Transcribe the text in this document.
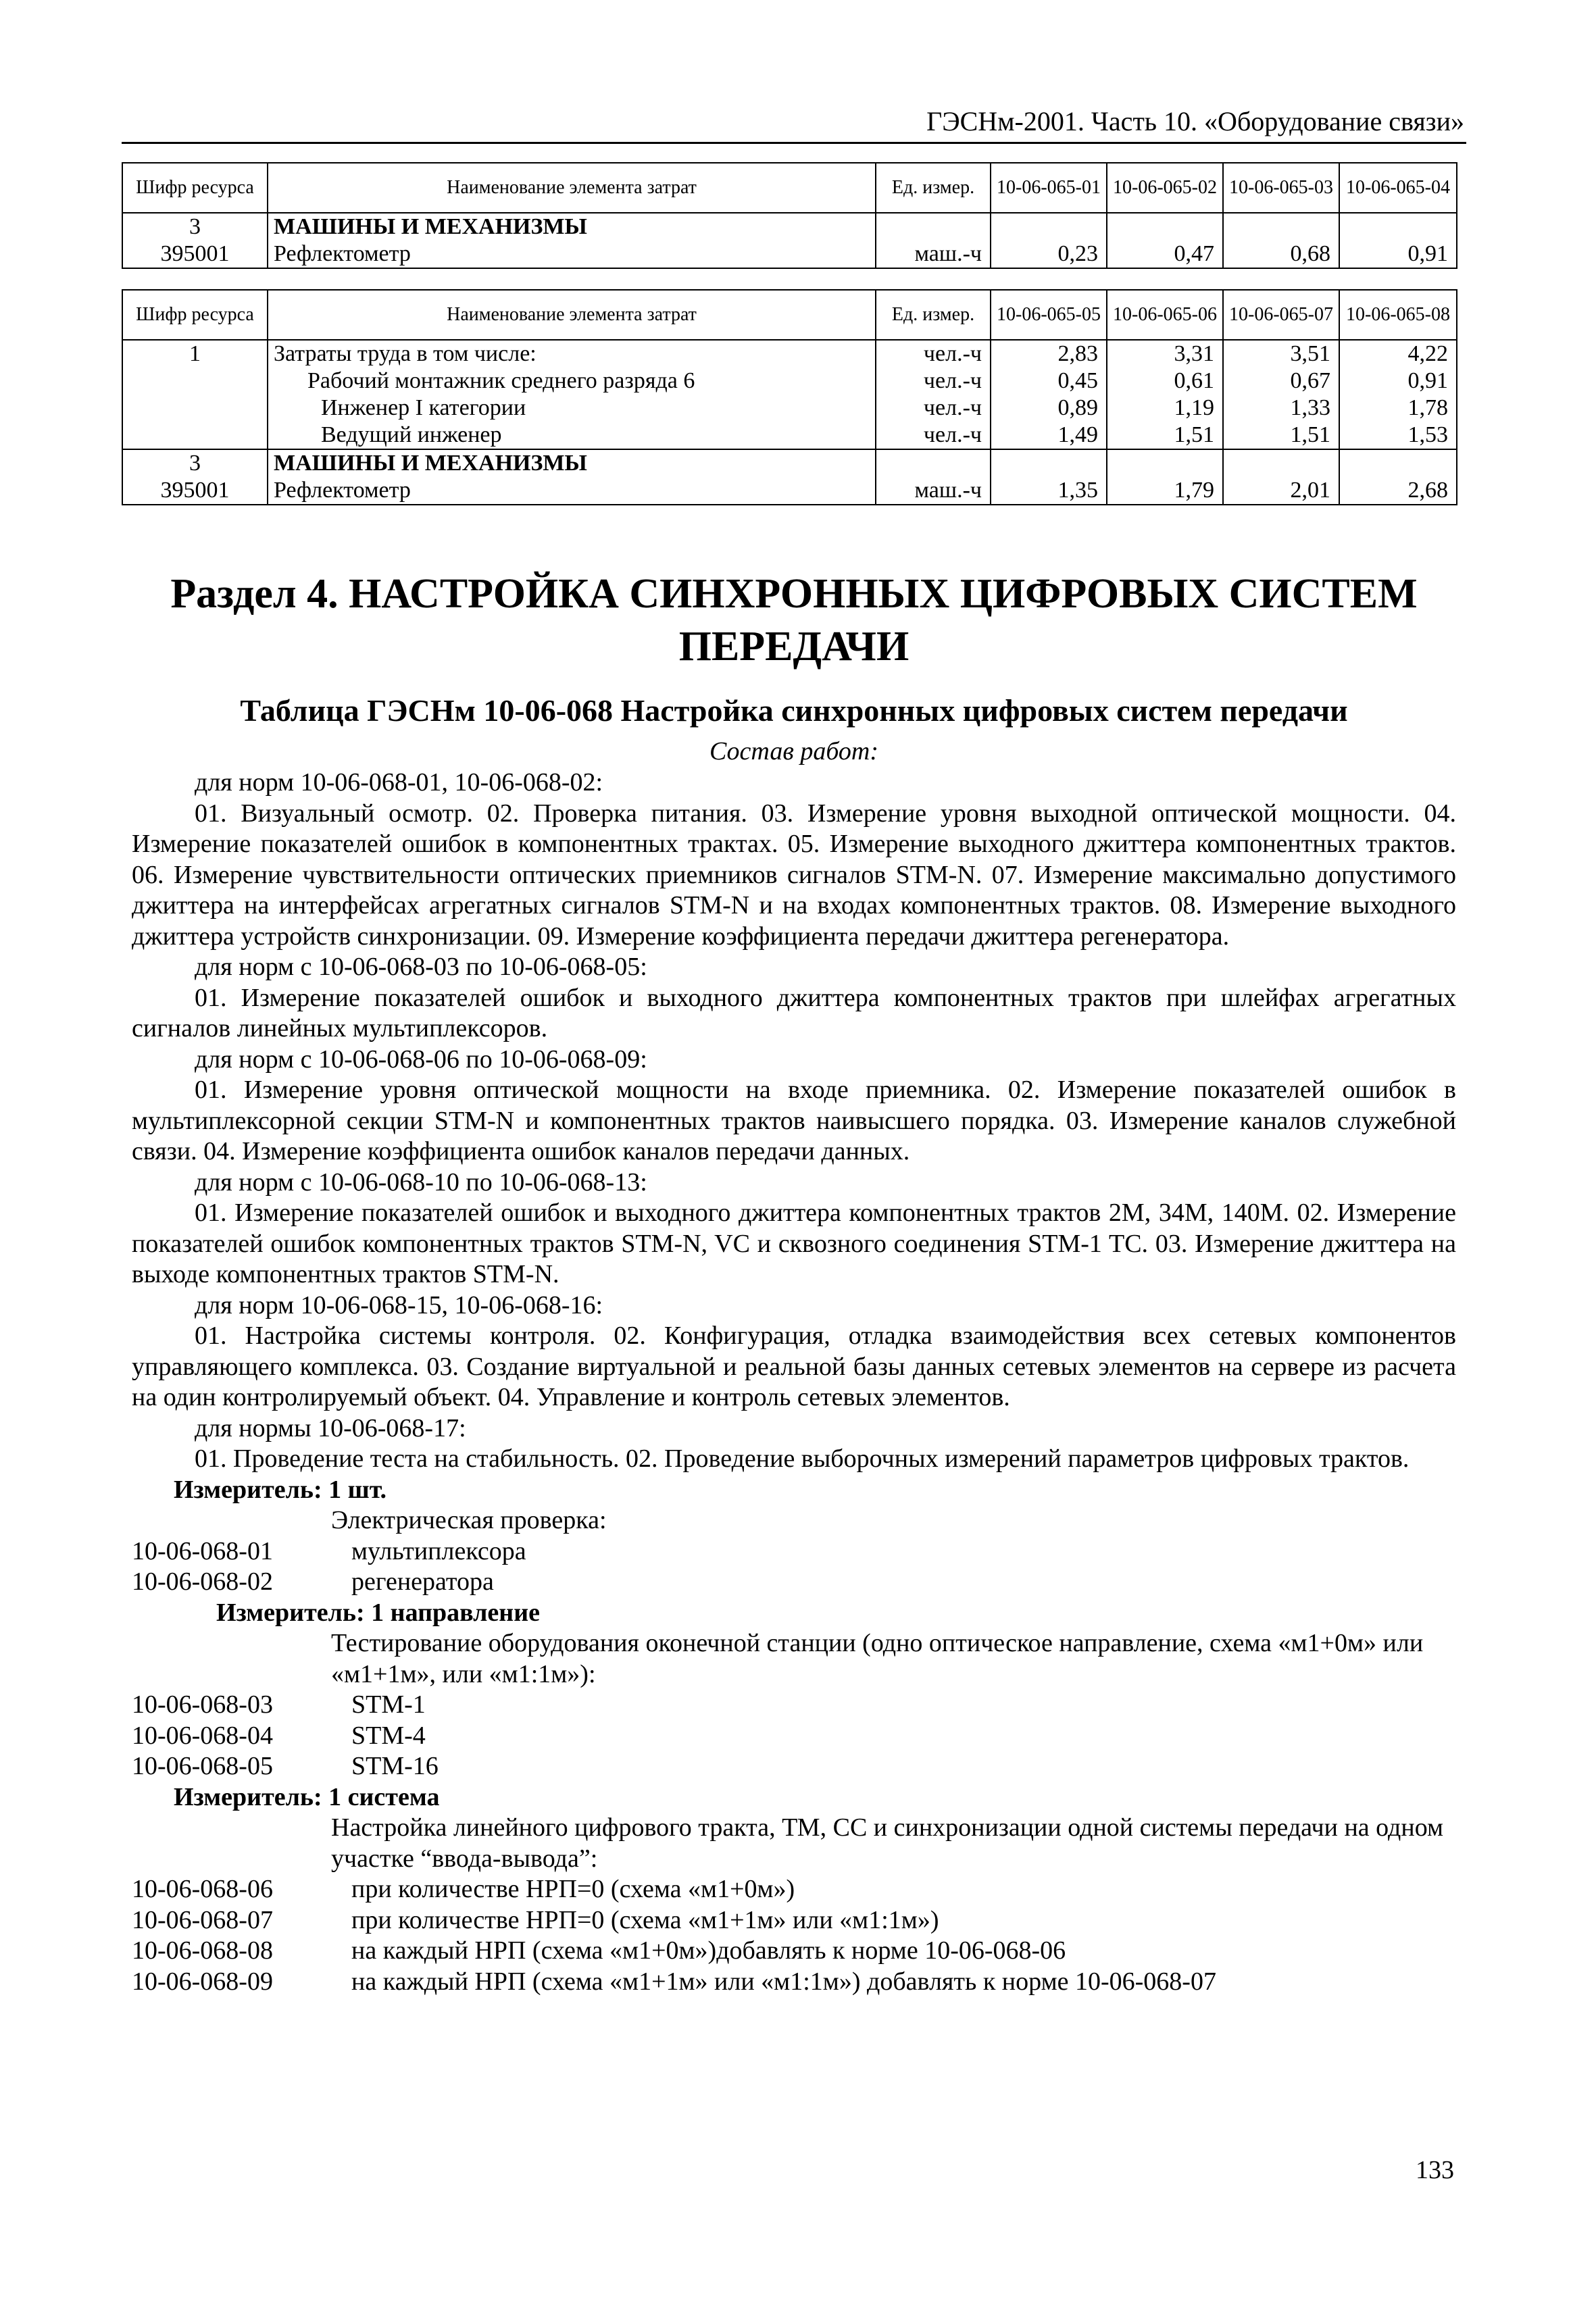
ГЭСНм-2001. Часть 10. «Оборудование связи»
Шифр ресурса	Наименование элемента затрат	Ед. измер.	10-06-065-01	10-06-065-02	10-06-065-03	10-06-065-04
3	МАШИНЫ И МЕХАНИЗМЫ					
395001	Рефлектометр	маш.-ч	0,23	0,47	0,68	0,91
Шифр ресурса	Наименование элемента затрат	Ед. измер.	10-06-065-05	10-06-065-06	10-06-065-07	10-06-065-08
1	Затраты труда в том числе:	чел.-ч	2,83	3,31	3,51	4,22
	Рабочий монтажник среднего разряда 6	чел.-ч	0,45	0,61	0,67	0,91
	Инженер I категории	чел.-ч	0,89	1,19	1,33	1,78
	Ведущий инженер	чел.-ч	1,49	1,51	1,51	1,53
3	МАШИНЫ И МЕХАНИЗМЫ					
395001	Рефлектометр	маш.-ч	1,35	1,79	2,01	2,68
Раздел 4. НАСТРОЙКА СИНХРОННЫХ ЦИФРОВЫХ СИСТЕМ
ПЕРЕДАЧИ
Таблица ГЭСНм 10-06-068 Настройка синхронных цифровых систем передачи
Состав работ:

для норм 10-06-068-01, 10-06-068-02:

01. Визуальный осмотр. 02. Проверка питания. 03. Измерение уровня выходной оптической мощности. 04. Измерение показателей ошибок в компонентных трактах. 05. Измерение выходного джиттера компонентных трактов. 06. Измерение чувствительности оптических приемников сигналов STM-N. 07. Измерение максимально допустимого джиттера на интерфейсах агрегатных сигналов STM-N и на входах компонентных трактов. 08. Измерение выходного джиттера устройств синхронизации. 09. Измерение коэффициента передачи джиттера регенератора.

для норм с 10-06-068-03 по 10-06-068-05:

01. Измерение показателей ошибок и выходного джиттера компонентных трактов при шлейфах агрегатных сигналов линейных мультиплексоров.

для норм с 10-06-068-06 по 10-06-068-09:

01. Измерение уровня оптической мощности на входе приемника. 02. Измерение показателей ошибок в мультиплексорной секции STM-N и компонентных трактов наивысшего порядка. 03. Измерение каналов служебной связи. 04. Измерение коэффициента ошибок каналов передачи данных.

для норм с 10-06-068-10 по 10-06-068-13:

01. Измерение показателей ошибок и выходного джиттера компонентных трактов 2М, 34М, 140М. 02. Измерение показателей ошибок компонентных трактов STM-N, VC и сквозного соединения STM-1 TC. 03. Измерение джиттера на выходе компонентных трактов STM-N.

для норм 10-06-068-15, 10-06-068-16:

01. Настройка системы контроля. 02. Конфигурация, отладка взаимодействия всех сетевых компонентов управляющего комплекса. 03. Создание виртуальной и реальной базы данных сетевых элементов на сервере из расчета на один контролируемый объект. 04. Управление и контроль сетевых элементов.

для нормы 10-06-068-17:

01. Проведение теста на стабильность. 02. Проведение выборочных измерений параметров цифровых трактов.

Измеритель: 1 шт.

Электрическая проверка:

10-06-068-01	мультиплексора
10-06-068-02	регенератора

Измеритель: 1 направление

Тестирование оборудования оконечной станции (одно оптическое направление, схема «м1+0м» или «м1+1м», или «м1:1м»):

10-06-068-03	STM-1
10-06-068-04	STM-4
10-06-068-05	STM-16

Измеритель: 1 система

Настройка линейного цифрового тракта, ТМ, СС и синхронизации одной системы передачи на одном участке “ввода-вывода”:

10-06-068-06	при количестве НРП=0 (схема «м1+0м»)
10-06-068-07	при количестве НРП=0 (схема «м1+1м» или «м1:1м»)
10-06-068-08	на каждый НРП (схема «м1+0м»)добавлять к норме 10-06-068-06
10-06-068-09	на каждый НРП (схема «м1+1м» или «м1:1м») добавлять к норме 10-06-068-07
133
